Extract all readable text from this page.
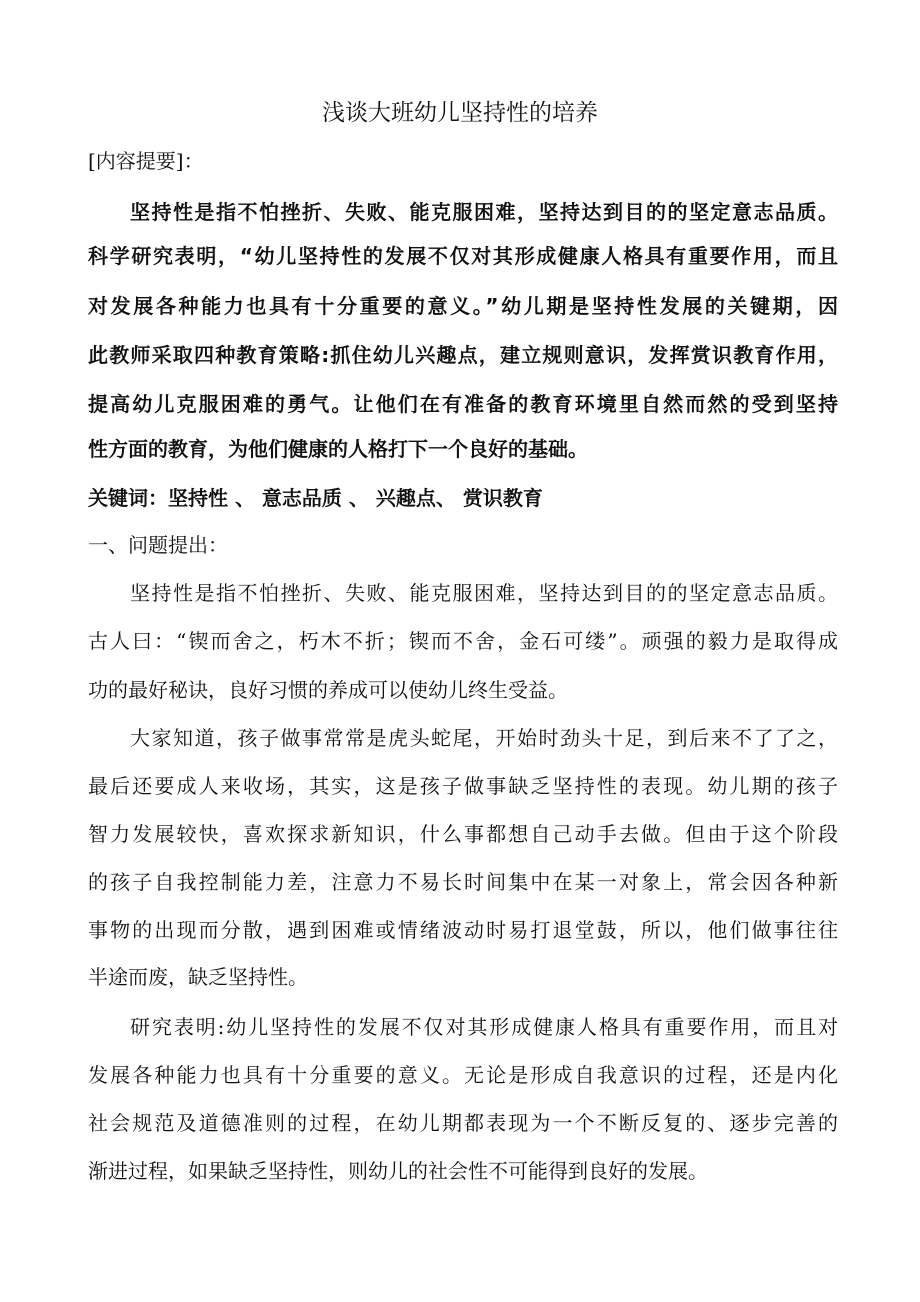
浅谈大班幼儿坚持性的培养
[内容提要]：
坚持性是指不怕挫折、失败、能克服困难，坚持达到目的的坚定意志品质。
科学研究表明，“幼儿坚持性的发展不仅对其形成健康人格具有重要作用，而且
对发展各种能力也具有十分重要的意义。”幼儿期是坚持性发展的关键期，因
此教师采取四种教育策略:抓住幼儿兴趣点，建立规则意识，发挥赏识教育作用，
提高幼儿克服困难的勇气。让他们在有准备的教育环境里自然而然的受到坚持
性方面的教育，为他们健康的人格打下一个良好的基础。
关键词：坚持性 、 意志品质 、 兴趣点、 赏识教育
一、问题提出：
坚持性是指不怕挫折、失败、能克服困难，坚持达到目的的坚定意志品质。
古人曰：“锲而舍之，朽木不折；锲而不舍，金石可缕”。顽强的毅力是取得成
功的最好秘诀，良好习惯的养成可以使幼儿终生受益。
大家知道，孩子做事常常是虎头蛇尾，开始时劲头十足，到后来不了了之，
最后还要成人来收场，其实，这是孩子做事缺乏坚持性的表现。幼儿期的孩子
智力发展较快，喜欢探求新知识，什么事都想自己动手去做。但由于这个阶段
的孩子自我控制能力差，注意力不易长时间集中在某一对象上，常会因各种新
事物的出现而分散，遇到困难或情绪波动时易打退堂鼓，所以，他们做事往往
半途而废，缺乏坚持性。
研究表明:幼儿坚持性的发展不仅对其形成健康人格具有重要作用，而且对
发展各种能力也具有十分重要的意义。无论是形成自我意识的过程，还是内化
社会规范及道德准则的过程，在幼儿期都表现为一个不断反复的、逐步完善的
渐进过程，如果缺乏坚持性，则幼儿的社会性不可能得到良好的发展。
